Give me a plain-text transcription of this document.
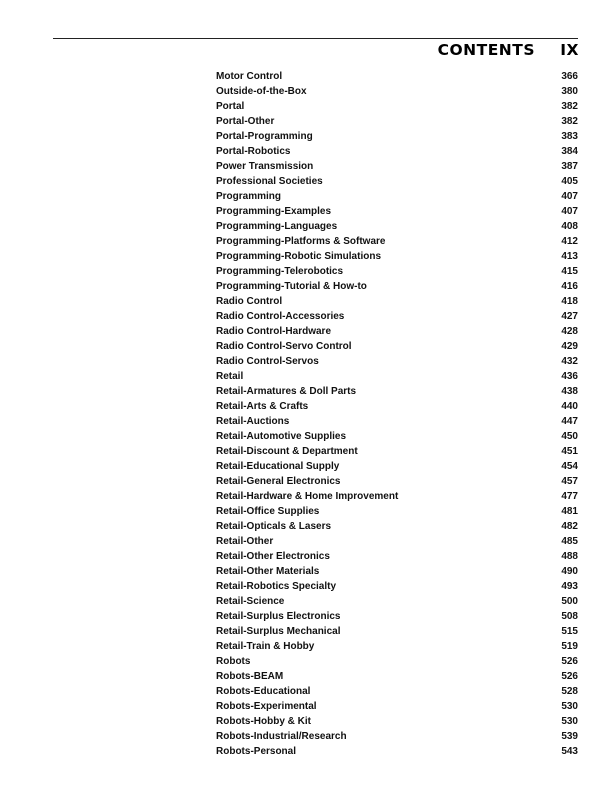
CONTENTS IX
Motor Control	366
Outside-of-the-Box	380
Portal	382
Portal-Other	382
Portal-Programming	383
Portal-Robotics	384
Power Transmission	387
Professional Societies	405
Programming	407
Programming-Examples	407
Programming-Languages	408
Programming-Platforms & Software	412
Programming-Robotic Simulations	413
Programming-Telerobotics	415
Programming-Tutorial & How-to	416
Radio Control	418
Radio Control-Accessories	427
Radio Control-Hardware	428
Radio Control-Servo Control	429
Radio Control-Servos	432
Retail	436
Retail-Armatures & Doll Parts	438
Retail-Arts & Crafts	440
Retail-Auctions	447
Retail-Automotive Supplies	450
Retail-Discount & Department	451
Retail-Educational Supply	454
Retail-General Electronics	457
Retail-Hardware & Home Improvement	477
Retail-Office Supplies	481
Retail-Opticals & Lasers	482
Retail-Other	485
Retail-Other Electronics	488
Retail-Other Materials	490
Retail-Robotics Specialty	493
Retail-Science	500
Retail-Surplus Electronics	508
Retail-Surplus Mechanical	515
Retail-Train & Hobby	519
Robots	526
Robots-BEAM	526
Robots-Educational	528
Robots-Experimental	530
Robots-Hobby & Kit	530
Robots-Industrial/Research	539
Robots-Personal	543
